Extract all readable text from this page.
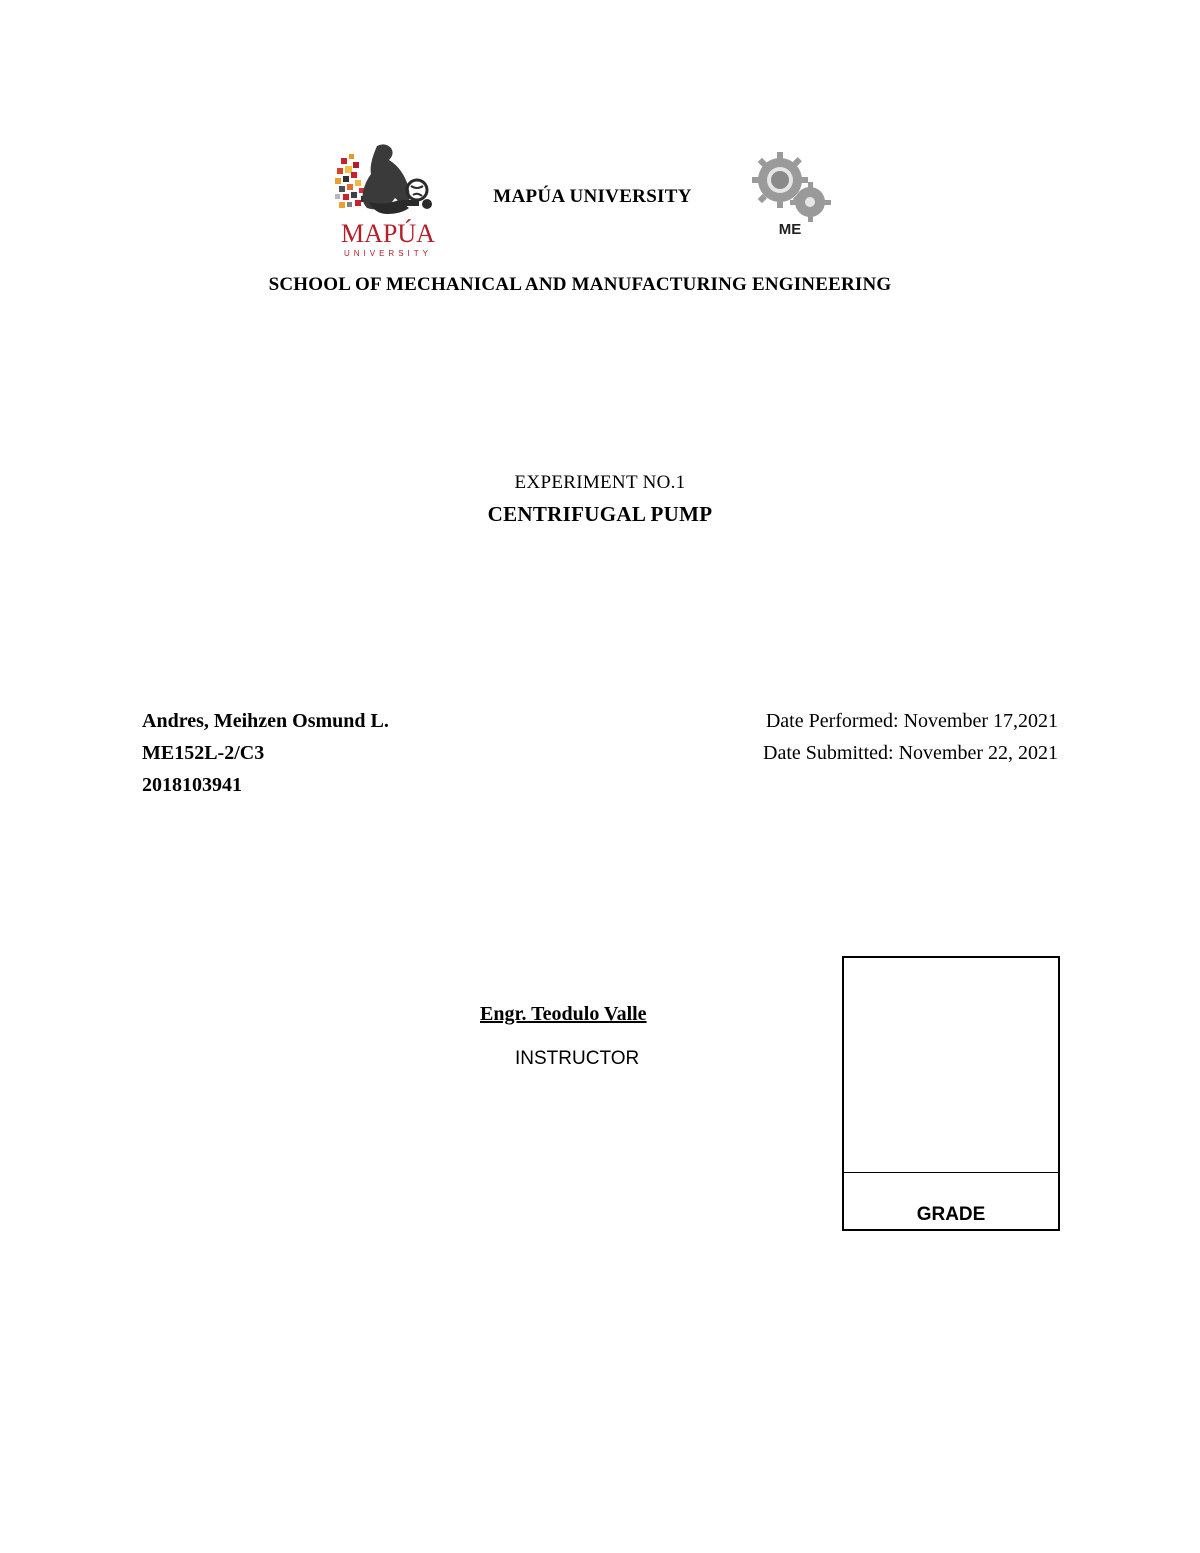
MAPÚA
UNIVERSITY
MAPÚA UNIVERSITY
ME
SCHOOL OF MECHANICAL AND MANUFACTURING ENGINEERING
EXPERIMENT NO.1
CENTRIFUGAL PUMP
Andres, Meihzen Osmund L.
ME152L-2/C3
2018103941
Date Performed: November 17,2021
Date Submitted: November 22, 2021
Engr. Teodulo Valle
INSTRUCTOR
GRADE
